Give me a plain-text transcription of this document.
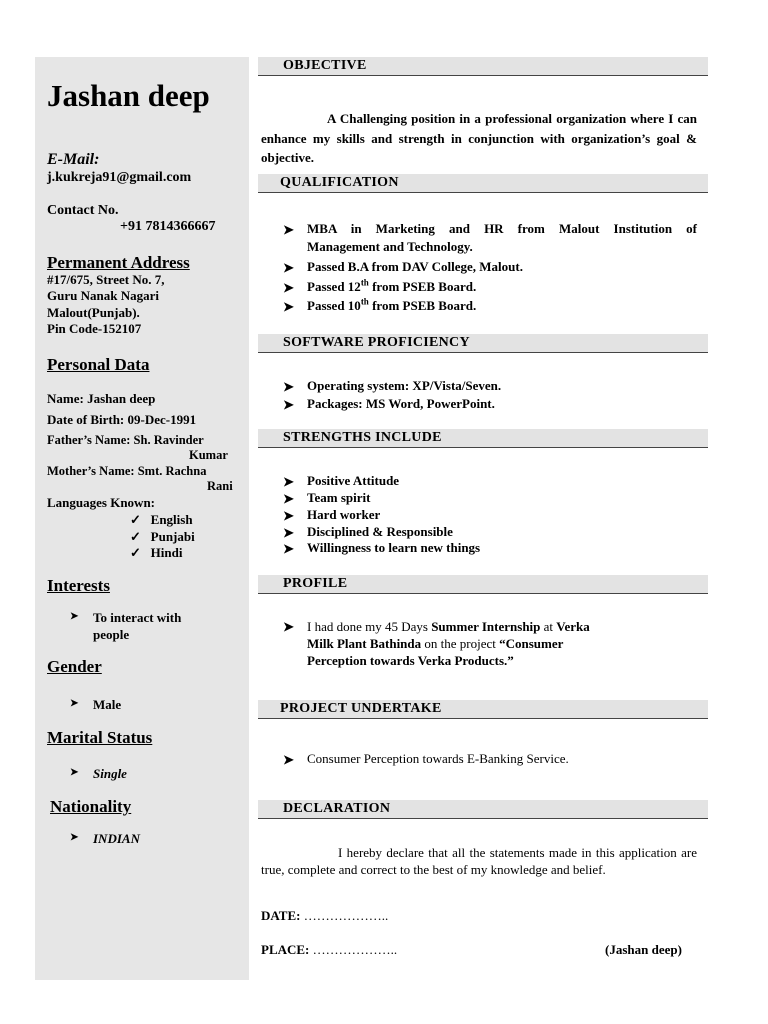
Jashan deep
E-Mail:
j.kukreja91@gmail.com
Contact No.
+91 7814366667
Permanent Address
#17/675, Street No. 7,
Guru Nanak Nagari
Malout(Punjab).
Pin Code-152107
Personal Data
Name: Jashan deep
Date of Birth: 09-Dec-1991
Father’s Name: Sh. Ravinder
Kumar
Mother’s Name: Smt. Rachna
Rani
Languages Known:
✓ English
✓ Punjabi
✓ Hindi
Interests
➤ To interact with
people
Gender
➤ Male
Marital Status
➤ Single
Nationality
➤ INDIAN
OBJECTIVE
A Challenging position in a professional organization where I can enhance my skills and strength in conjunction with organization’s goal & objective.
QUALIFICATION
➤ MBA in Marketing and HR from Malout Institution of
Management and Technology.
➤ Passed B.A from DAV College, Malout.
➤ Passed 12th from PSEB Board.
➤ Passed 10th from PSEB Board.
SOFTWARE PROFICIENCY
➤ Operating system: XP/Vista/Seven.
➤ Packages: MS Word, PowerPoint.
STRENGTHS INCLUDE
➤ Positive Attitude
➤ Team spirit
➤ Hard worker
➤ Disciplined & Responsible
➤ Willingness to learn new things
PROFILE
➤ I had done my 45 Days Summer Internship at Verka
Milk Plant Bathinda on the project “Consumer
Perception towards Verka Products.”
PROJECT UNDERTAKE
➤ Consumer Perception towards E-Banking Service.
DECLARATION
I hereby declare that all the statements made in this application are true, complete and correct to the best of my knowledge and belief.
DATE: ………………..
PLACE: ………………..	(Jashan deep)
